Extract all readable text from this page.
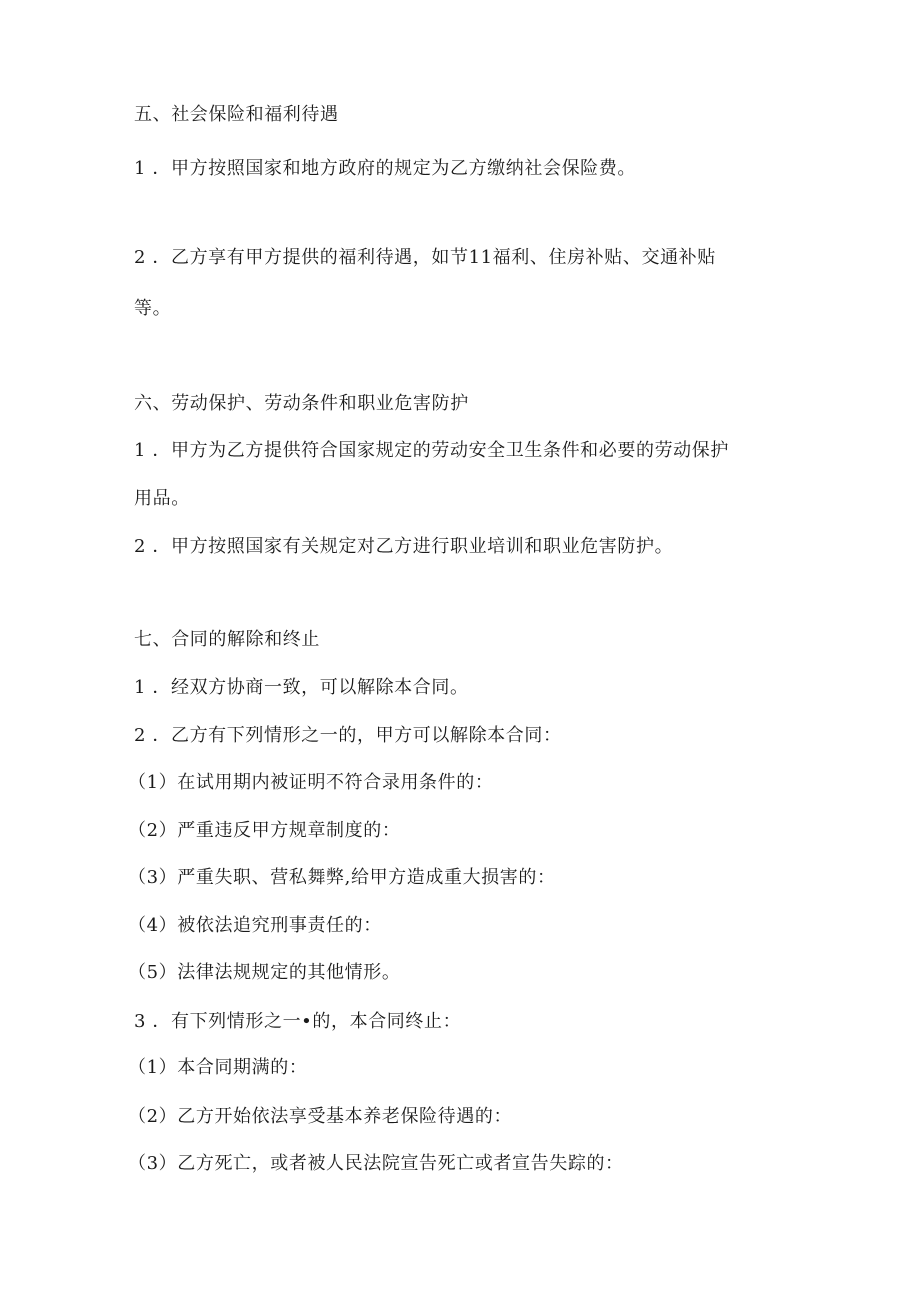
五、社会保险和福利待遇
1 ．甲方按照国家和地方政府的规定为乙方缴纳社会保险费。
2 ．乙方享有甲方提供的福利待遇，如节11福利、住房补贴、交通补贴
等。
六、劳动保护、劳动条件和职业危害防护
1 ．甲方为乙方提供符合国家规定的劳动安全卫生条件和必要的劳动保护
用品。
2 ．甲方按照国家有关规定对乙方进行职业培训和职业危害防护。
七、合同的解除和终止
1 ．经双方协商一致，可以解除本合同。
2 ．乙方有下列情形之一的，甲方可以解除本合同：
（1）在试用期内被证明不符合录用条件的：
（2）严重违反甲方规章制度的：
（3）严重失职、营私舞弊,给甲方造成重大损害的：
（4）被依法追究刑事责任的：
（5）法律法规规定的其他情形。
3 ．有下列情形之一•的，本合同终止：
（1）本合同期满的：
（2）乙方开始依法享受基本养老保险待遇的：
（3）乙方死亡，或者被人民法院宣告死亡或者宣告失踪的：
